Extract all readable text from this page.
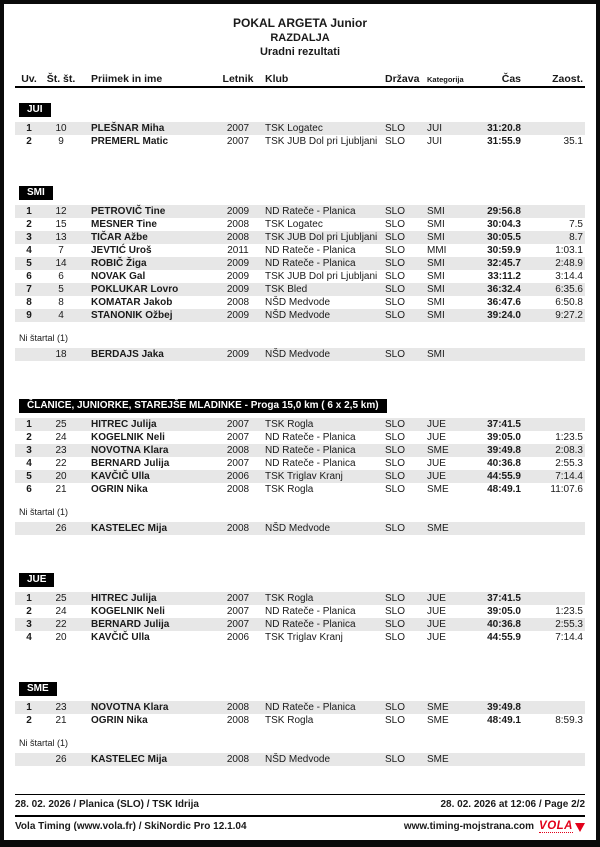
POKAL ARGETA Junior
RAZDALJA
Uradni rezultati
Uv. Št. št.	Priimek in ime	Letnik	Klub	Država	Kategorija	Čas	Zaost.
JUI
1	10	PLEŠNAR Miha	2007	TSK Logatec	SLO	JUI	31:20.8
2	9	PREMERL Matic	2007	TSK JUB Dol pri Ljubljani SLO	JUI	31:55.9	35.1
SMI
1	12	PETROVIČ Tine	2009	ND Rateče - Planica	SLO	SMI	29:56.8
2	15	MESNER Tine	2008	TSK Logatec	SLO	SMI	30:04.3	7.5
3	13	TIČAR Ažbe	2008	TSK JUB Dol pri Ljubljani SLO	SMI	30:05.5	8.7
4	7	JEVTIĆ Uroš	2011	ND Rateče - Planica	SLO	MMI	30:59.9	1:03.1
5	14	ROBIČ Žiga	2009	ND Rateče - Planica	SLO	SMI	32:45.7	2:48.9
6	6	NOVAK Gal	2009	TSK JUB Dol pri Ljubljani SLO	SMI	33:11.2	3:14.4
7	5	POKLUKAR Lovro	2009	TSK Bled	SLO	SMI	36:32.4	6:35.6
8	8	KOMATAR Jakob	2008	NŠD Medvode	SLO	SMI	36:47.6	6:50.8
9	4	STANONIK Ožbej	2009	NŠD Medvode	SLO	SMI	39:24.0	9:27.2
Ni štartal (1)
18	BERDAJS Jaka	2009	NŠD Medvode	SLO	SMI
ČLANICE, JUNIORKE, STAREJŠE MLADINKE - Proga 15,0 km ( 6 x 2,5 km)
1	25	HITREC Julija	2007	TSK Rogla	SLO	JUE	37:41.5
2	24	KOGELNIK Neli	2007	ND Rateče - Planica	SLO	JUE	39:05.0	1:23.5
3	23	NOVOTNA Klara	2008	ND Rateče - Planica	SLO	SME	39:49.8	2:08.3
4	22	BERNARD Julija	2007	ND Rateče - Planica	SLO	JUE	40:36.8	2:55.3
5	20	KAVČIČ Ulla	2006	TSK Triglav Kranj	SLO	JUE	44:55.9	7:14.4
6	21	OGRIN Nika	2008	TSK Rogla	SLO	SME	48:49.1	11:07.6
Ni štartal (1)
26	KASTELEC Mija	2008	NŠD Medvode	SLO	SME
JUE
1	25	HITREC Julija	2007	TSK Rogla	SLO	JUE	37:41.5
2	24	KOGELNIK Neli	2007	ND Rateče - Planica	SLO	JUE	39:05.0	1:23.5
3	22	BERNARD Julija	2007	ND Rateče - Planica	SLO	JUE	40:36.8	2:55.3
4	20	KAVČIČ Ulla	2006	TSK Triglav Kranj	SLO	JUE	44:55.9	7:14.4
SME
1	23	NOVOTNA Klara	2008	ND Rateče - Planica	SLO	SME	39:49.8
2	21	OGRIN Nika	2008	TSK Rogla	SLO	SME	48:49.1	8:59.3
Ni štartal (1)
26	KASTELEC Mija	2008	NŠD Medvode	SLO	SME
28. 02. 2026 / Planica (SLO) / TSK Idrija	28. 02. 2026 at 12:06 / Page 2/2
Vola Timing (www.vola.fr) / SkiNordic Pro 12.1.04	www.timing-mojstrana.com VOLA
